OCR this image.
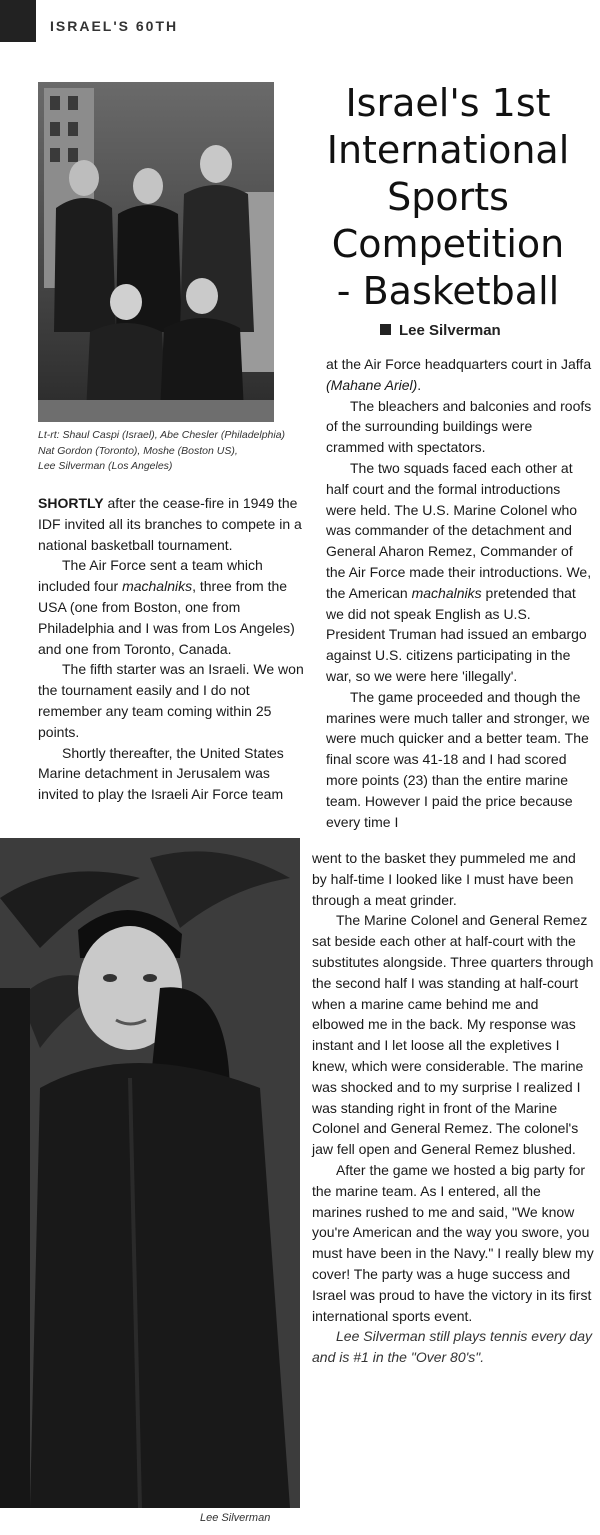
ISRAEL'S 60TH
Lt-rt: Shaul Caspi (Israel), Abe Chesler (Philadelphia)
Nat Gordon (Toronto), Moshe (Boston US),
Lee Silverman (Los Angeles)
Israel's 1st
International
Sports
Competition
- Basketball
Lee Silverman

SHORTLY after the cease-fire in 1949 the IDF invited all its branches to compete in a national basketball tournament.

The Air Force sent a team which included four machalniks, three from the USA (one from Boston, one from Philadelphia and I was from Los Angeles) and one from Toronto, Canada.

The fifth starter was an Israeli. We won the tournament easily and I do not remember any team coming within 25 points.

Shortly thereafter, the United States Marine detachment in Jerusalem was invited to play the Israeli Air Force team

at the Air Force headquarters court in Jaffa (Mahane Ariel).

The bleachers and balconies and roofs of the surrounding buildings were crammed with spectators.

The two squads faced each other at half court and the formal introductions were held. The U.S. Marine Colonel who was commander of the detachment and General Aharon Remez, Commander of the Air Force made their introductions. We, the American machalniks pretended that we did not speak English as U.S. President Truman had issued an embargo against U.S. citizens participating in the war, so we were here 'illegally'.

The game proceeded and though the marines were much taller and stronger, we were much quicker and a better team. The final score was 41-18 and I had scored more points (23) than the entire marine team. However I paid the price because every time I

Lee Silverman

went to the basket they pummeled me and by half-time I looked like I must have been through a meat grinder.

The Marine Colonel and General Remez sat beside each other at half-court with the substitutes alongside. Three quarters through the second half I was standing at half-court when a marine came behind me and elbowed me in the back. My response was instant and I let loose all the expletives I knew, which were considerable. The marine was shocked and to my surprise I realized I was standing right in front of the Marine Colonel and General Remez. The colonel's jaw fell open and General Remez blushed.

After the game we hosted a big party for the marine team. As I entered, all the marines rushed to me and said, "We know you're American and the way you swore, you must have been in the Navy." I really blew my cover! The party was a huge success and Israel was proud to have the victory in its first international sports event.

Lee Silverman still plays tennis every day and is #1 in the "Over 80's".
